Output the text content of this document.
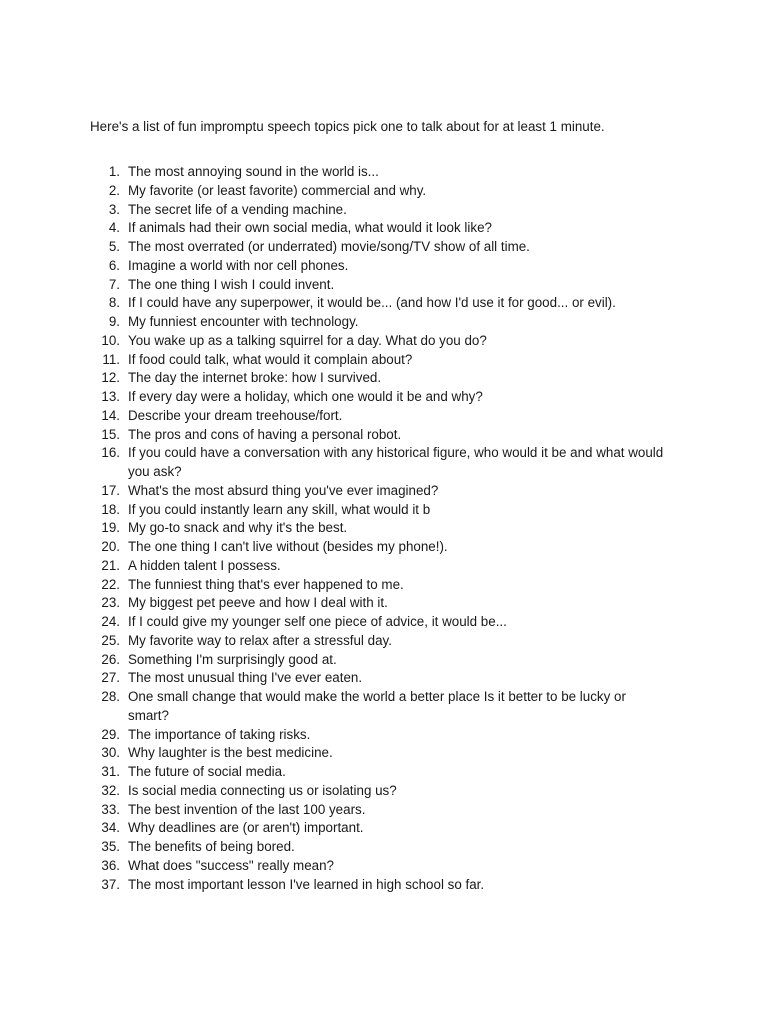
Here's a list of fun impromptu speech topics pick one to talk about for at least 1 minute.

1. The most annoying sound in the world is...
2. My favorite (or least favorite) commercial and why.
3. The secret life of a vending machine.
4. If animals had their own social media, what would it look like?
5. The most overrated (or underrated) movie/song/TV show of all time.
6. Imagine a world with nor cell phones.
7. The one thing I wish I could invent.
8. If I could have any superpower, it would be... (and how I'd use it for good... or evil).
9. My funniest encounter with technology.
10. You wake up as a talking squirrel for a day. What do you do?
11. If food could talk, what would it complain about?
12. The day the internet broke: how I survived.
13. If every day were a holiday, which one would it be and why?
14. Describe your dream treehouse/fort.
15. The pros and cons of having a personal robot.
16. If you could have a conversation with any historical figure, who would it be and what would you ask?
17. What's the most absurd thing you've ever imagined?
18. If you could instantly learn any skill, what would it b
19. My go-to snack and why it's the best.
20. The one thing I can't live without (besides my phone!).
21. A hidden talent I possess.
22. The funniest thing that's ever happened to me.
23. My biggest pet peeve and how I deal with it.
24. If I could give my younger self one piece of advice, it would be...
25. My favorite way to relax after a stressful day.
26. Something I'm surprisingly good at.
27. The most unusual thing I've ever eaten.
28. One small change that would make the world a better place Is it better to be lucky or smart?
29. The importance of taking risks.
30. Why laughter is the best medicine.
31. The future of social media.
32. Is social media connecting us or isolating us?
33. The best invention of the last 100 years.
34. Why deadlines are (or aren't) important.
35. The benefits of being bored.
36. What does "success" really mean?
37. The most important lesson I've learned in high school so far.
